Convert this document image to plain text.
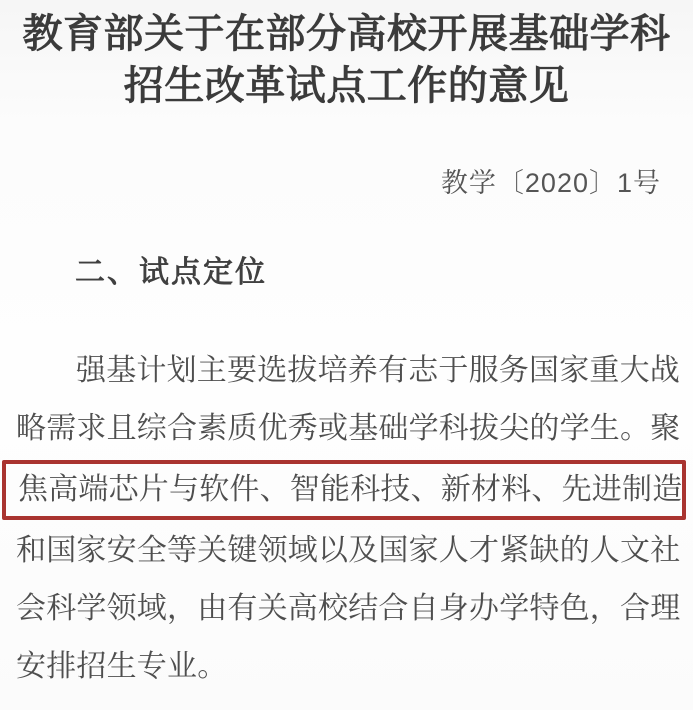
教育部关于在部分高校开展基础学科
招生改革试点工作的意见
教学〔2020〕1号
二、试点定位
强基计划主要选拔培养有志于服务国家重大战
略需求且综合素质优秀或基础学科拔尖的学生。聚
焦高端芯片与软件、智能科技、新材料、先进制造
和国家安全等关键领域以及国家人才紧缺的人文社
会科学领域，由有关高校结合自身办学特色，合理
安排招生专业。
